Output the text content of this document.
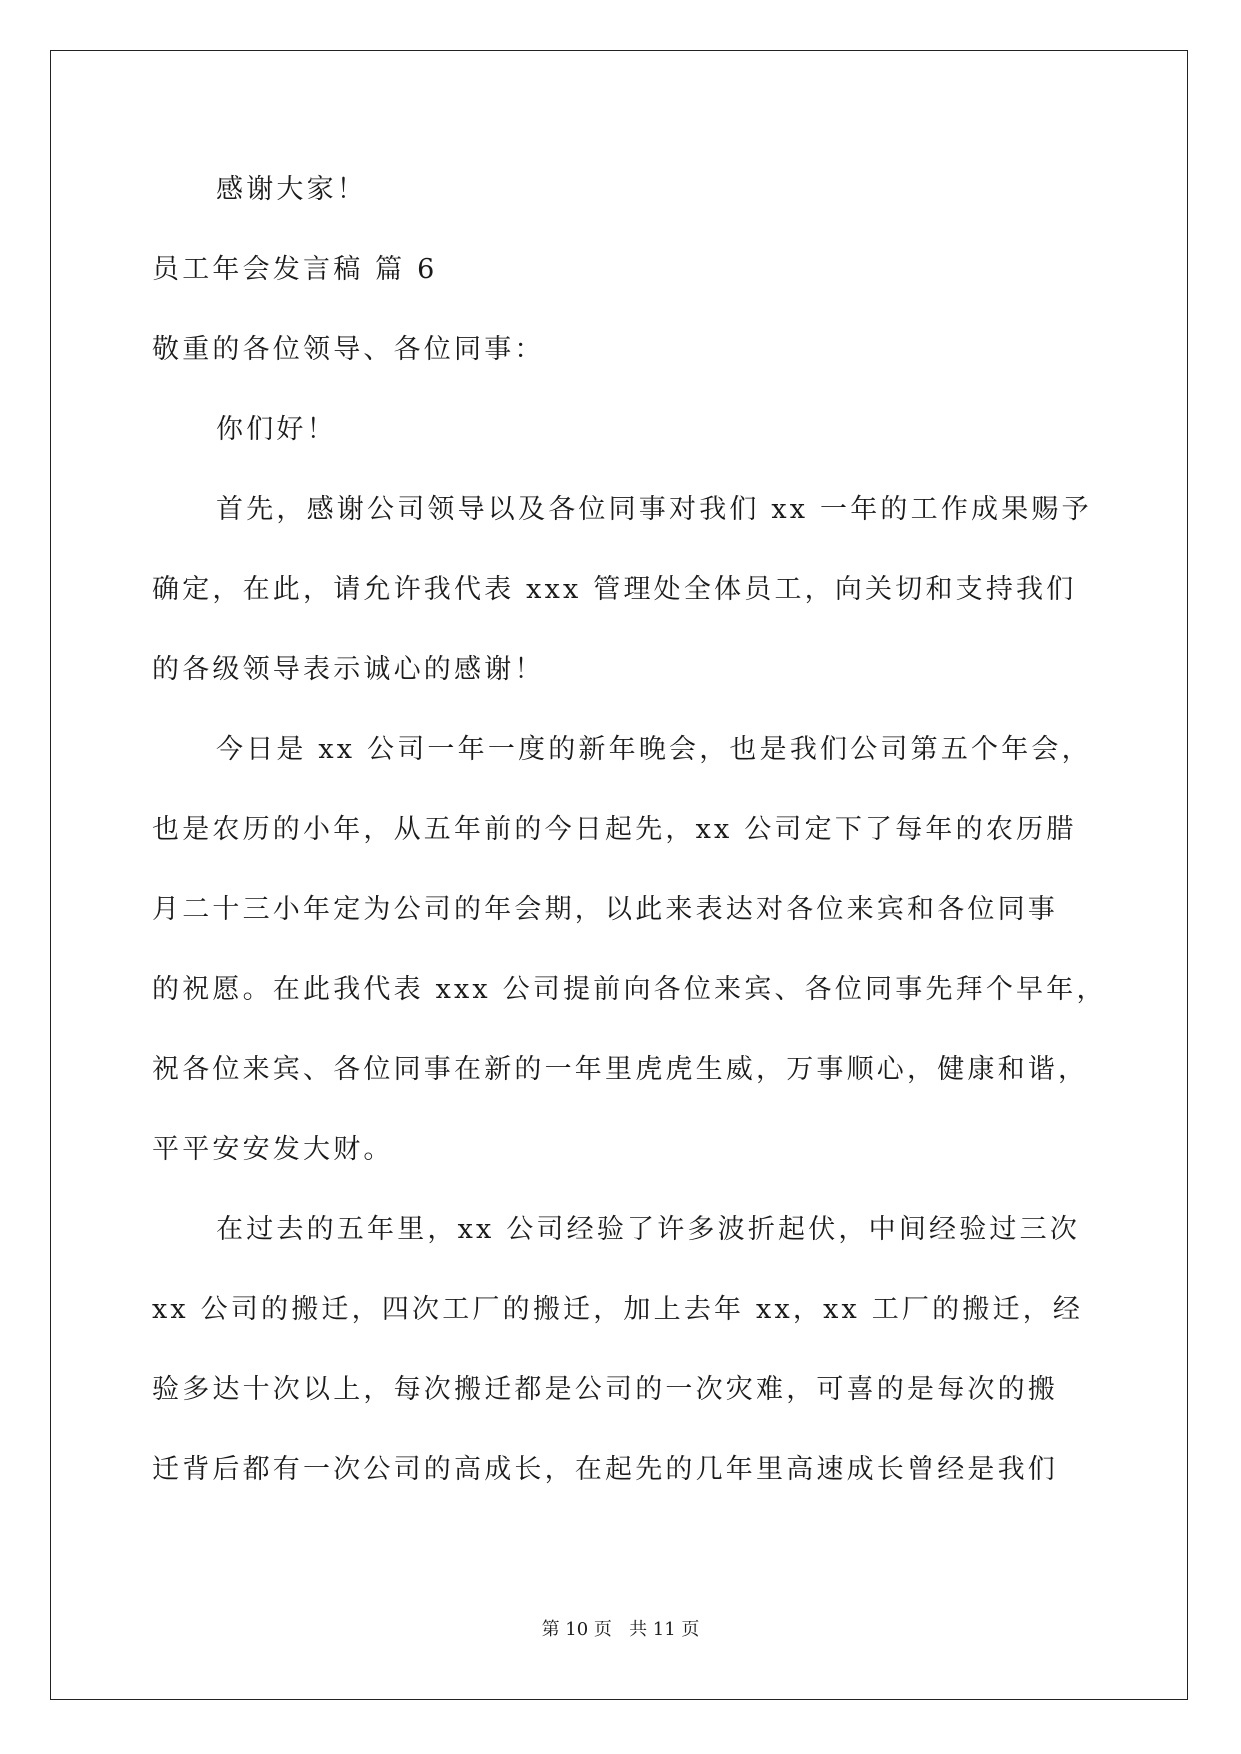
感谢大家！
员工年会发言稿 篇 6
敬重的各位领导、各位同事：
你们好！
首先，感谢公司领导以及各位同事对我们 xx 一年的工作成果赐予
确定，在此，请允许我代表 xxx 管理处全体员工，向关切和支持我们
的各级领导表示诚心的感谢！
今日是 xx 公司一年一度的新年晚会，也是我们公司第五个年会，
也是农历的小年，从五年前的今日起先，xx 公司定下了每年的农历腊
月二十三小年定为公司的年会期，以此来表达对各位来宾和各位同事
的祝愿。在此我代表 xxx 公司提前向各位来宾、各位同事先拜个早年，
祝各位来宾、各位同事在新的一年里虎虎生威，万事顺心，健康和谐，
平平安安发大财。
在过去的五年里，xx 公司经验了许多波折起伏，中间经验过三次
xx 公司的搬迁，四次工厂的搬迁，加上去年 xx，xx 工厂的搬迁，经
验多达十次以上，每次搬迁都是公司的一次灾难，可喜的是每次的搬
迁背后都有一次公司的高成长，在起先的几年里高速成长曾经是我们
第 10 页   共 11 页
